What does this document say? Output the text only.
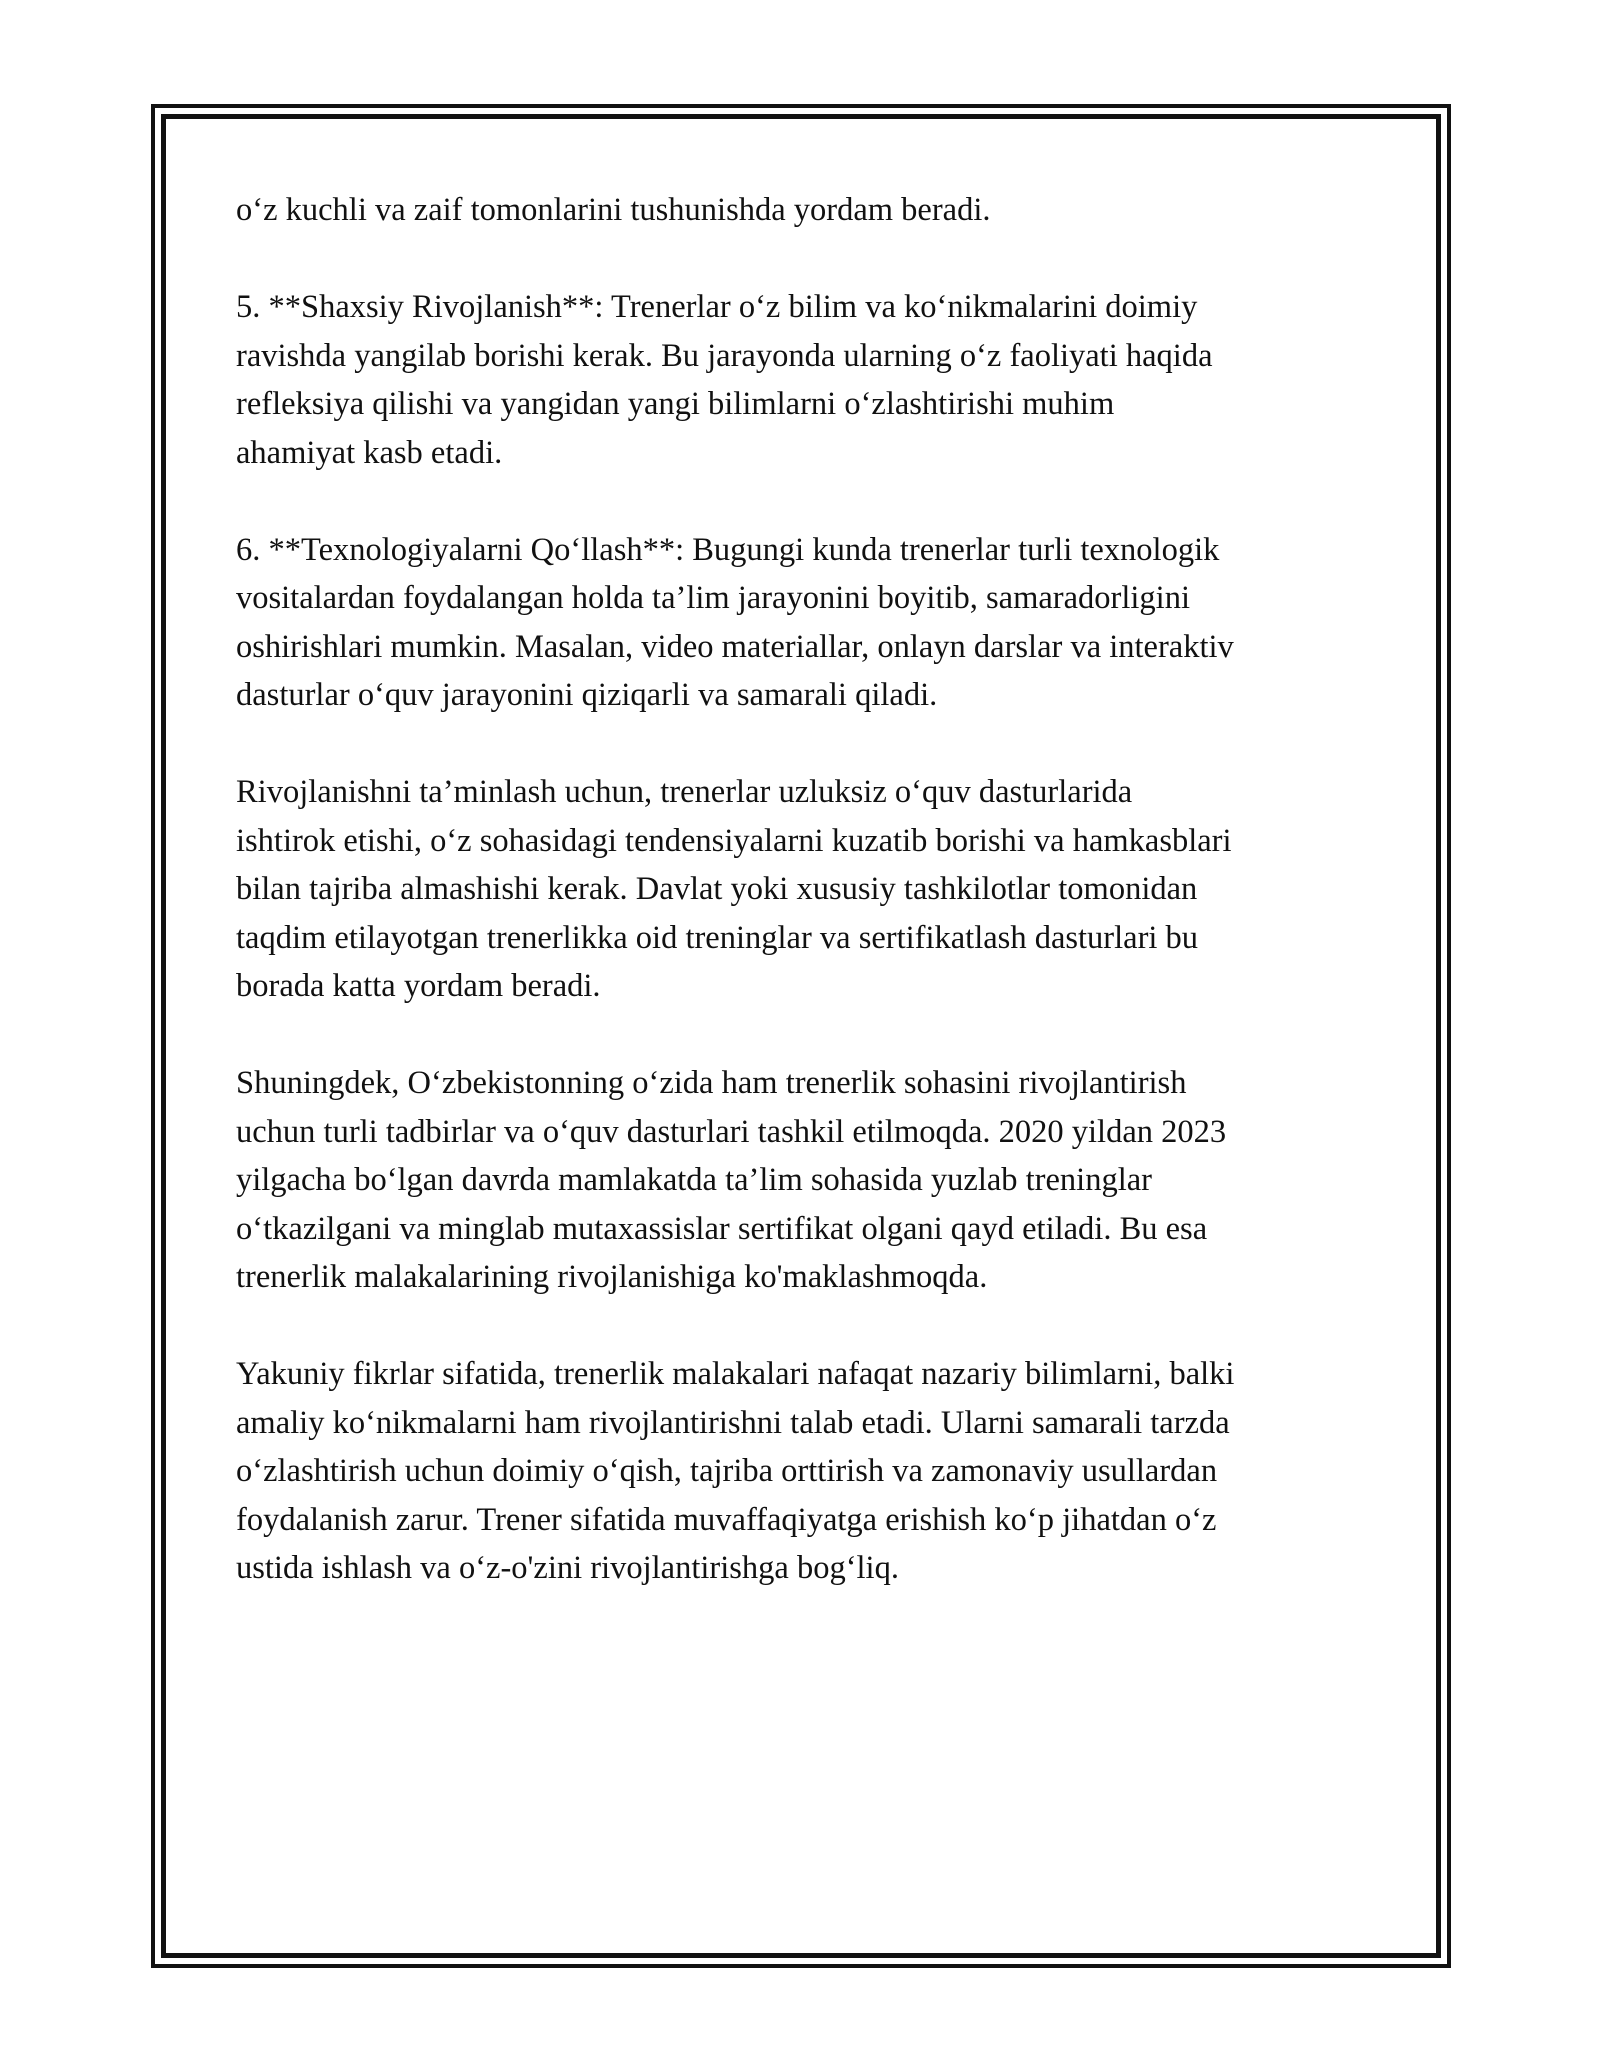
o‘z kuchli va zaif tomonlarini tushunishda yordam beradi.

5. **Shaxsiy Rivojlanish**: Trenerlar o‘z bilim va ko‘nikmalarini doimiy
ravishda yangilab borishi kerak. Bu jarayonda ularning o‘z faoliyati haqida
refleksiya qilishi va yangidan yangi bilimlarni o‘zlashtirishi muhim
ahamiyat kasb etadi.

6. **Texnologiyalarni Qo‘llash**: Bugungi kunda trenerlar turli texnologik
vositalardan foydalangan holda ta’lim jarayonini boyitib, samaradorligini
oshirishlari mumkin. Masalan, video materiallar, onlayn darslar va interaktiv
dasturlar o‘quv jarayonini qiziqarli va samarali qiladi.

Rivojlanishni ta’minlash uchun, trenerlar uzluksiz o‘quv dasturlarida
ishtirok etishi, o‘z sohasidagi tendensiyalarni kuzatib borishi va hamkasblari
bilan tajriba almashishi kerak. Davlat yoki xususiy tashkilotlar tomonidan
taqdim etilayotgan trenerlikka oid treninglar va sertifikatlash dasturlari bu
borada katta yordam beradi.

Shuningdek, O‘zbekistonning o‘zida ham trenerlik sohasini rivojlantirish
uchun turli tadbirlar va o‘quv dasturlari tashkil etilmoqda. 2020 yildan 2023
yilgacha bo‘lgan davrda mamlakatda ta’lim sohasida yuzlab treninglar
o‘tkazilgani va minglab mutaxassislar sertifikat olgani qayd etiladi. Bu esa
trenerlik malakalarining rivojlanishiga ko'maklashmoqda.

Yakuniy fikrlar sifatida, trenerlik malakalari nafaqat nazariy bilimlarni, balki
amaliy ko‘nikmalarni ham rivojlantirishni talab etadi. Ularni samarali tarzda
o‘zlashtirish uchun doimiy o‘qish, tajriba orttirish va zamonaviy usullardan
foydalanish zarur. Trener sifatida muvaffaqiyatga erishish ko‘p jihatdan o‘z
ustida ishlash va o‘z-o'zini rivojlantirishga bog‘liq.
